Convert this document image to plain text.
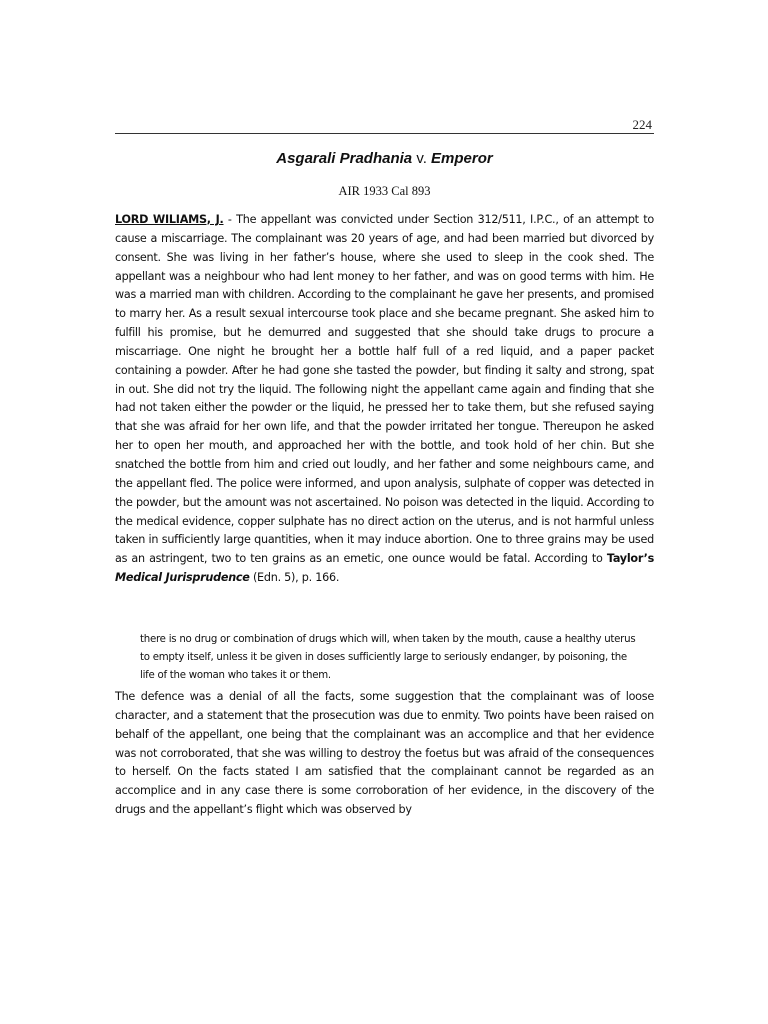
224
Asgarali Pradhania v. Emperor
AIR 1933 Cal 893

LORD WILIAMS, J. - The appellant was convicted under Section 312/511, I.P.C., of an attempt to cause a miscarriage. The complainant was 20 years of age, and had been married but divorced by consent. She was living in her father’s house, where she used to sleep in the cook shed. The appellant was a neighbour who had lent money to her father, and was on good terms with him. He was a married man with children. According to the complainant he gave her presents, and promised to marry her. As a result sexual intercourse took place and she became pregnant. She asked him to fulfill his promise, but he demurred and suggested that she should take drugs to procure a miscarriage. One night he brought her a bottle half full of a red liquid, and a paper packet containing a powder. After he had gone she tasted the powder, but finding it salty and strong, spat in out. She did not try the liquid. The following night the appellant came again and finding that she had not taken either the powder or the liquid, he pressed her to take them, but she refused saying that she was afraid for her own life, and that the powder irritated her tongue. Thereupon he asked her to open her mouth, and approached her with the bottle, and took hold of her chin. But she snatched the bottle from him and cried out loudly, and her father and some neighbours came, and the appellant fled. The police were informed, and upon analysis, sulphate of copper was detected in the powder, but the amount was not ascertained. No poison was detected in the liquid. According to the medical evidence, copper sulphate has no direct action on the uterus, and is not harmful unless taken in sufficiently large quantities, when it may induce abortion. One to three grains may be used as an astringent, two to ten grains as an emetic, one ounce would be fatal. According to Taylor’s Medical Jurisprudence (Edn. 5), p. 166.

there is no drug or combination of drugs which will, when taken by the mouth, cause a healthy uterus to empty itself, unless it be given in doses sufficiently large to seriously endanger, by poisoning, the life of the woman who takes it or them.

The defence was a denial of all the facts, some suggestion that the complainant was of loose character, and a statement that the prosecution was due to enmity. Two points have been raised on behalf of the appellant, one being that the complainant was an accomplice and that her evidence was not corroborated, that she was willing to destroy the foetus but was afraid of the consequences to herself. On the facts stated I am satisfied that the complainant cannot be regarded as an accomplice and in any case there is some corroboration of her evidence, in the discovery of the drugs and the appellant’s flight which was observed by
